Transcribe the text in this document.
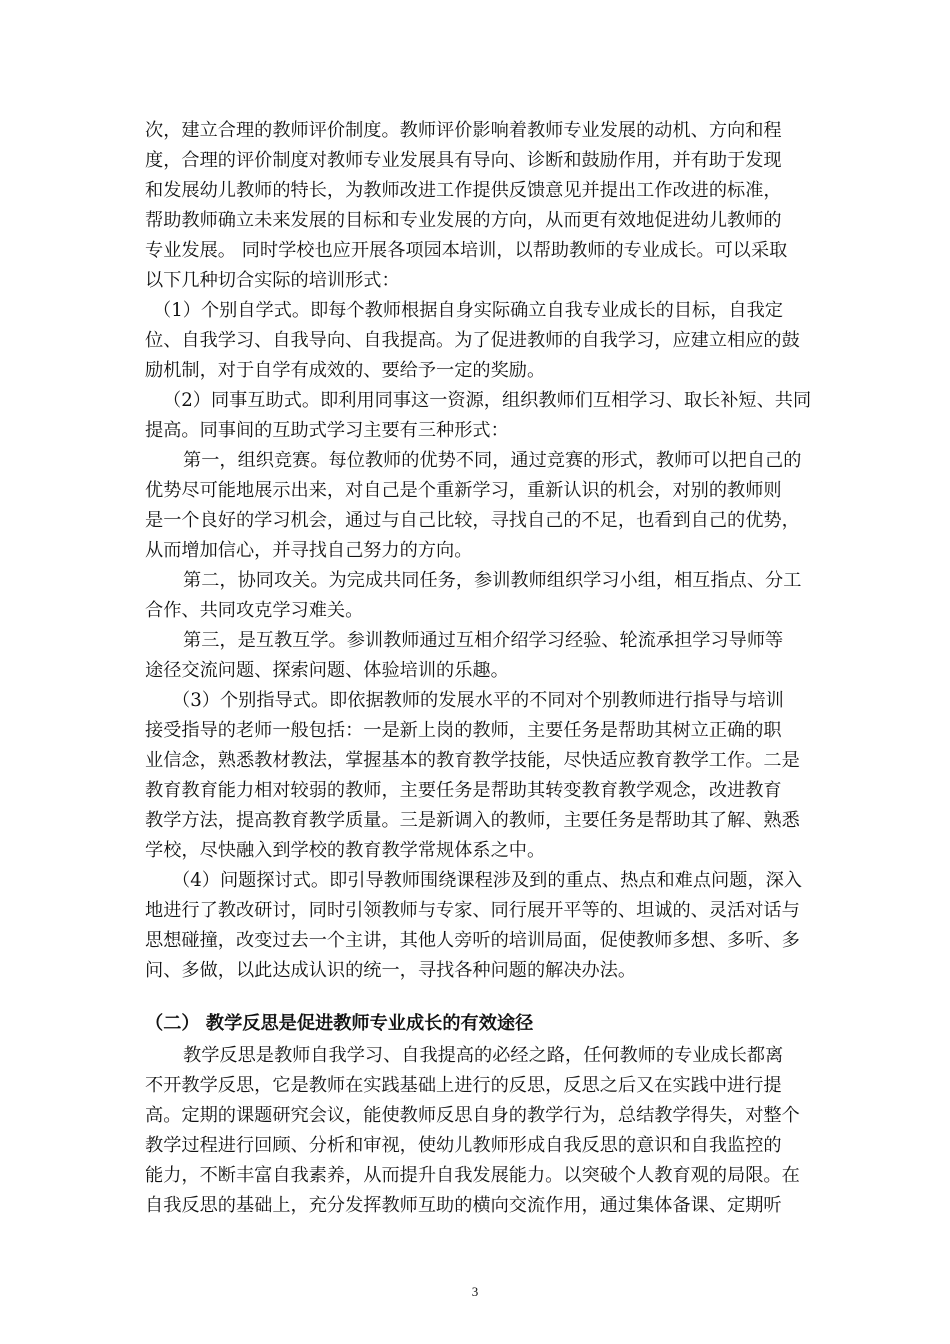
次，建立合理的教师评价制度。教师评价影响着教师专业发展的动机、方向和程
度，合理的评价制度对教师专业发展具有导向、诊断和鼓励作用，并有助于发现
和发展幼儿教师的特长，为教师改进工作提供反馈意见并提出工作改进的标准，
帮助教师确立未来发展的目标和专业发展的方向，从而更有效地促进幼儿教师的
专业发展。 同时学校也应开展各项园本培训，以帮助教师的专业成长。可以采取
以下几种切合实际的培训形式：
（1）个别自学式。即每个教师根据自身实际确立自我专业成长的目标，自我定
位、自我学习、自我导向、自我提高。为了促进教师的自我学习，应建立相应的鼓
励机制，对于自学有成效的、要给予一定的奖励。
（2）同事互助式。即利用同事这一资源，组织教师们互相学习、取长补短、共同
提高。同事间的互助式学习主要有三种形式：
第一，组织竞赛。每位教师的优势不同，通过竞赛的形式，教师可以把自己的
优势尽可能地展示出来，对自己是个重新学习，重新认识的机会，对别的教师则
是一个良好的学习机会，通过与自己比较，寻找自己的不足，也看到自己的优势，
从而增加信心，并寻找自己努力的方向。
第二，协同攻关。为完成共同任务，参训教师组织学习小组，相互指点、分工
合作、共同攻克学习难关。
第三，是互教互学。参训教师通过互相介绍学习经验、轮流承担学习导师等
途径交流问题、探索问题、体验培训的乐趣。
（3）个别指导式。即依据教师的发展水平的不同对个别教师进行指导与培训
接受指导的老师一般包括：一是新上岗的教师，主要任务是帮助其树立正确的职
业信念，熟悉教材教法，掌握基本的教育教学技能，尽快适应教育教学工作。二是
教育教育能力相对较弱的教师，主要任务是帮助其转变教育教学观念，改进教育
教学方法，提高教育教学质量。三是新调入的教师，主要任务是帮助其了解、熟悉
学校，尽快融入到学校的教育教学常规体系之中。
（4）问题探讨式。即引导教师围绕课程涉及到的重点、热点和难点问题，深入
地进行了教改研讨，同时引领教师与专家、同行展开平等的、坦诚的、灵活对话与
思想碰撞，改变过去一个主讲，其他人旁听的培训局面，促使教师多想、多听、多
问、多做，以此达成认识的统一，寻找各种问题的解决办法。
（二） 教学反思是促进教师专业成长的有效途径
教学反思是教师自我学习、自我提高的必经之路，任何教师的专业成长都离
不开教学反思，它是教师在实践基础上进行的反思，反思之后又在实践中进行提
高。定期的课题研究会议，能使教师反思自身的教学行为，总结教学得失，对整个
教学过程进行回顾、分析和审视，使幼儿教师形成自我反思的意识和自我监控的
能力，不断丰富自我素养，从而提升自我发展能力。以突破个人教育观的局限。在
自我反思的基础上，充分发挥教师互助的横向交流作用，通过集体备课、定期听
3
